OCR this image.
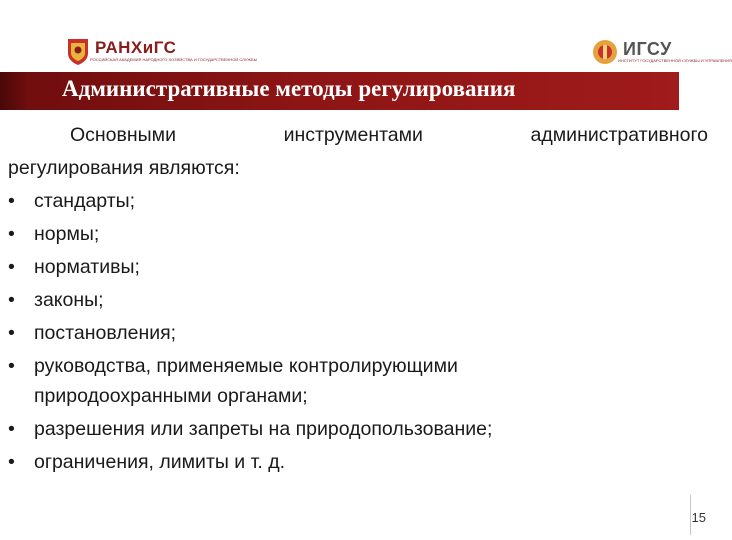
РАНХиГС
РОССИЙСКАЯ АКАДЕМИЯ НАРОДНОГО ХОЗЯЙСТВА И ГОСУДАРСТВЕННОЙ СЛУЖБЫ
ИГСУ
ИНСТИТУТ ГОСУДАРСТВЕННОЙ СЛУЖБЫ И УПРАВЛЕНИЯ
Административные методы регулирования
Основными инструментами административного
регулирования являются:
• стандарты;
• нормы;
• нормативы;
• законы;
• постановления;
• руководства, применяемые контролирующими
природоохранными органами;
• разрешения или запреты на природопользование;
• ограничения, лимиты и т. д.
15
